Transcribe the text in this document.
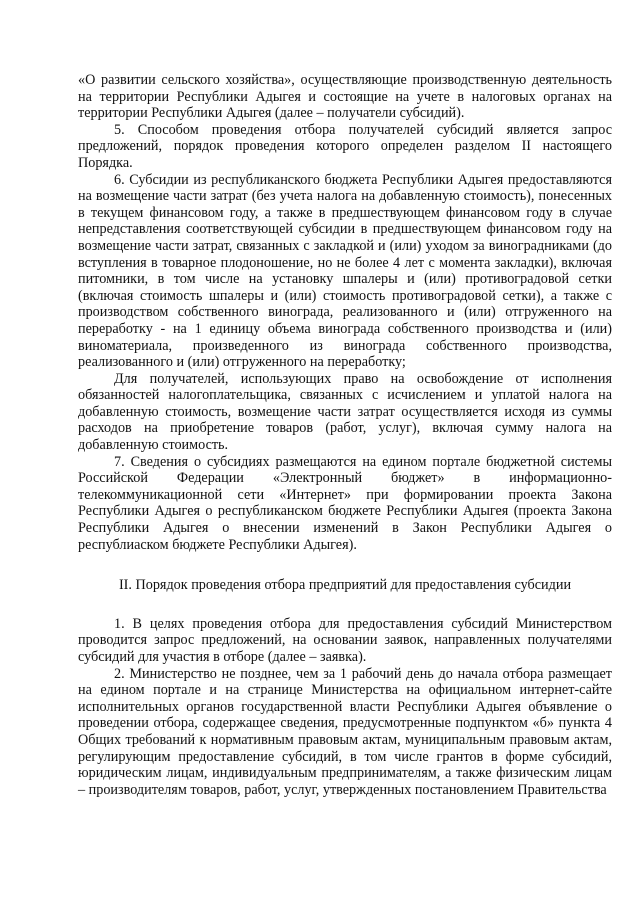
«О развитии сельского хозяйства», осуществляющие производственную деятельность на территории Республики Адыгея и состоящие на учете в налоговых органах на территории Республики Адыгея (далее – получатели субсидий).

5. Способом проведения отбора получателей субсидий является запрос предложений, порядок проведения которого определен разделом II настоящего Порядка.

6. Субсидии из республиканского бюджета Республики Адыгея предоставляются на возмещение части затрат (без учета налога на добавленную стоимость), понесенных в текущем финансовом году, а также в предшествующем финансовом году в случае непредставления соответствующей субсидии в предшествующем финансовом году на возмещение части затрат, связанных с закладкой и (или) уходом за виноградниками (до вступления в товарное плодоношение, но не более 4 лет с момента закладки), включая питомники, в том числе на установку шпалеры и (или) противоградовой сетки (включая стоимость шпалеры и (или) стоимость противоградовой сетки), а также с производством собственного винограда, реализованного и (или) отгруженного на переработку - на 1 единицу объема винограда собственного производства и (или) виноматериала, произведенного из винограда собственного производства, реализованного и (или) отгруженного на переработку;

Для получателей, использующих право на освобождение от исполнения обязанностей налогоплательщика, связанных с исчислением и уплатой налога на добавленную стоимость, возмещение части затрат осуществляется исходя из суммы расходов на приобретение товаров (работ, услуг), включая сумму налога на добавленную стоимость.

7. Сведения о субсидиях размещаются на едином портале бюджетной системы Российской Федерации «Электронный бюджет» в информационно-телекоммуникационной сети «Интернет» при формировании проекта Закона Республики Адыгея о республиканском бюджете Республики Адыгея (проекта Закона Республики Адыгея о внесении изменений в Закон Республики Адыгея о республиаском бюджете Республики Адыгея).

II. Порядок проведения отбора предприятий для предоставления субсидии

1. В целях проведения отбора для предоставления субсидий Министерством проводится запрос предложений, на основании заявок, направленных получателями субсидий для участия в отборе (далее – заявка).

2. Министерство не позднее, чем за 1 рабочий день до начала отбора размещает на едином портале и на странице Министерства на официальном интернет-сайте исполнительных органов государственной власти Республики Адыгея объявление о проведении отбора, содержащее сведения, предусмотренные подпунктом «б» пункта 4 Общих требований к нормативным правовым актам, муниципальным правовым актам, регулирующим предоставление субсидий, в том числе грантов в форме субсидий, юридическим лицам, индивидуальным предпринимателям, а также физическим лицам – производителям товаров, работ, услуг, утвержденных постановлением Правительства
